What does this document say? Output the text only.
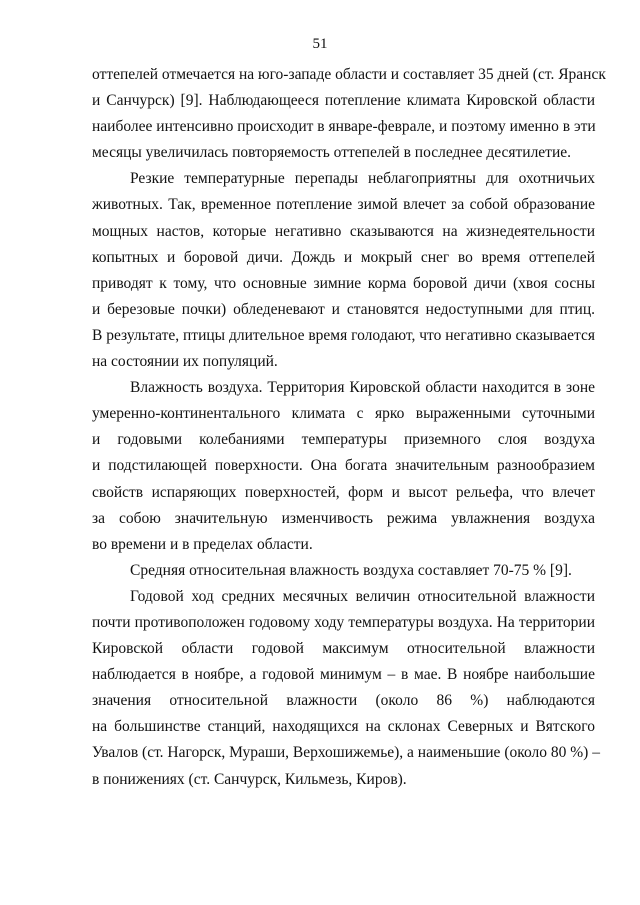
51
оттепелей отмечается на юго-западе области и составляет 35 дней (ст. Яранск
и Санчурск) [9]. Наблюдающееся потепление климата Кировской области
наиболее интенсивно происходит в январе-феврале, и поэтому именно в эти
месяцы увеличилась повторяемость оттепелей в последнее десятилетие.
Резкие температурные перепады неблагоприятны для охотничьих
животных. Так, временное потепление зимой влечет за собой образование
мощных настов, которые негативно сказываются на жизнедеятельности
копытных и боровой дичи. Дождь и мокрый снег во время оттепелей
приводят к тому, что основные зимние корма боровой дичи (хвоя сосны
и березовые почки) обледеневают и становятся недоступными для птиц.
В результате, птицы длительное время голодают, что негативно сказывается
на состоянии их популяций.
Влажность воздуха. Территория Кировской области находится в зоне
умеренно-континентального климата с ярко выраженными суточными
и годовыми колебаниями температуры приземного слоя воздуха
и подстилающей поверхности. Она богата значительным разнообразием
свойств испаряющих поверхностей, форм и высот рельефа, что влечет
за собою значительную изменчивость режима увлажнения воздуха
во времени и в пределах области.
Средняя относительная влажность воздуха составляет 70-75 % [9].
Годовой ход средних месячных величин относительной влажности
почти противоположен годовому ходу температуры воздуха. На территории
Кировской области годовой максимум относительной влажности
наблюдается в ноябре, а годовой минимум – в мае. В ноябре наибольшие
значения относительной влажности (около 86 %) наблюдаются
на большинстве станций, находящихся на склонах Северных и Вятского
Увалов (ст. Нагорск, Мураши, Верхошижемье), а наименьшие (около 80 %) –
в понижениях (ст. Санчурск, Кильмезь, Киров).
